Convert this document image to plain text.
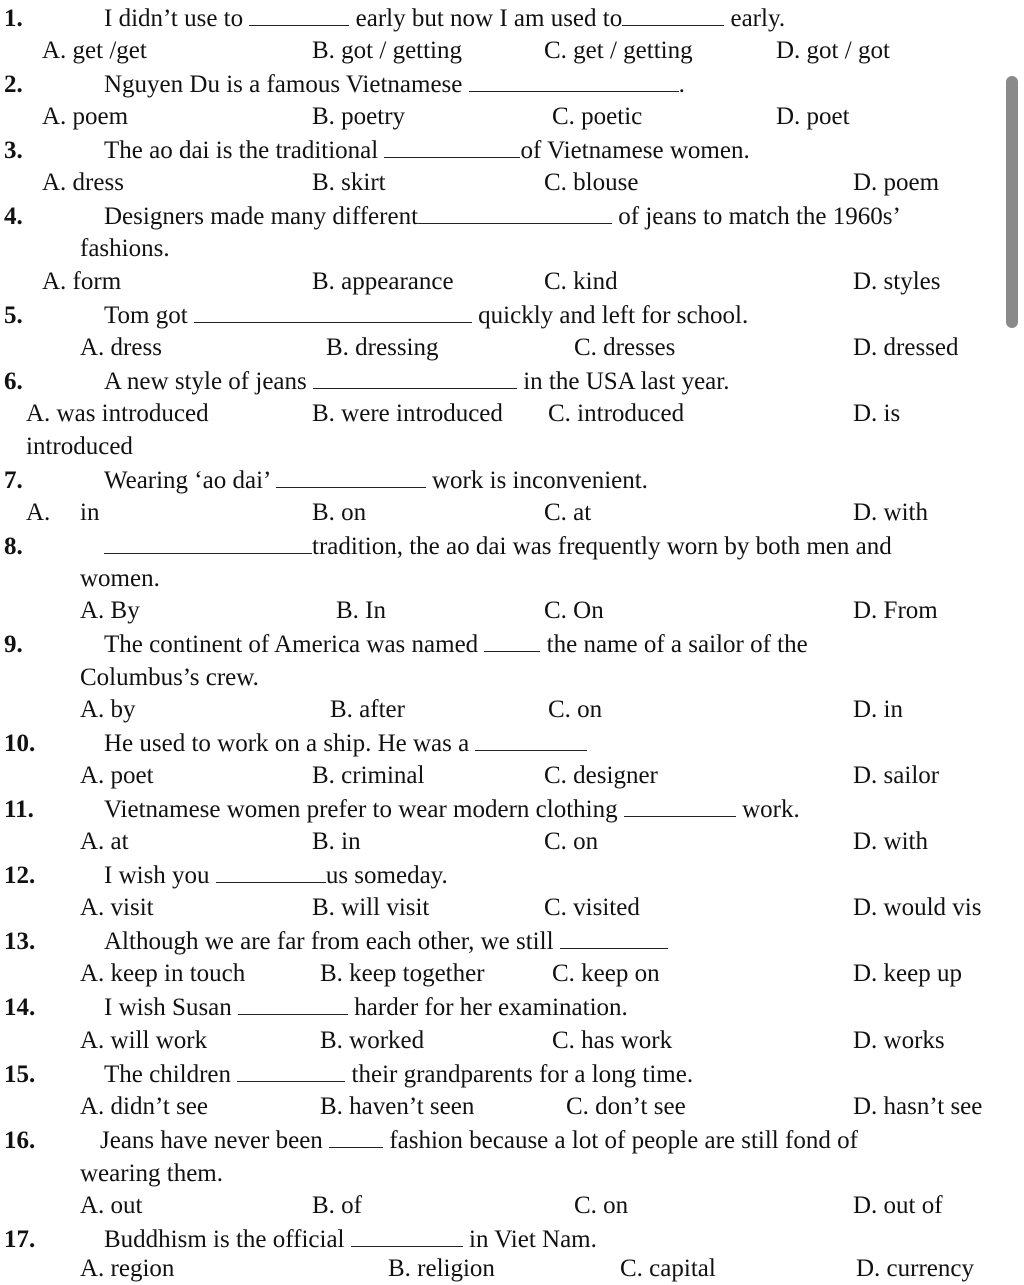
1.	I didn’t use to	early but now I am used to	early.
A. get /get	B. got / getting	C. get / getting	D. got / got
2.	Nguyen Du is a famous Vietnamese	.
A. poem	B. poetry	C. poetic	D. poet
3.	The ao dai is the traditional	of Vietnamese women.
A. dress	B. skirt	C. blouse	D. poem
4.	Designers made many different	of jeans to match the 1960s’
fashions.
A. form	B. appearance	C. kind	D. styles
5.	Tom got	quickly and left for school.
A. dress	B. dressing	C. dresses	D. dressed
6.	A new style of jeans	in the USA last year.
A. was introduced	B. were introduced C. introduced	D. is
introduced
7.	Wearing ‘ao dai’	work is inconvenient.
A. in	B. on	C. at	D. with
8.	tradition, the ao dai was frequently worn by both men and
women.
A. By	B. In	C. On	D. From
9.	The continent of America was named	the name of a sailor of the
Columbus’s crew.
A. by	B. after	C. on	D. in
10.	He used to work on a ship. He was a
A. poet	B. criminal	C. designer	D. sailor
11.	Vietnamese women prefer to wear modern clothing	work.
A. at	B. in	C. on	D. with
12.	I wish you	us someday.
A. visit	B. will visit	C. visited	D. would vis
13.	Although we are far from each other, we still
A. keep in touch	B. keep together	C. keep on	D. keep up
14.	I wish Susan	harder for her examination.
A. will work	B. worked	C. has work	D. works
15.	The children	their grandparents for a long time.
A. didn’t see	B. haven’t seen	C. don’t see	D. hasn’t see
16.	Jeans have never been	fashion because a lot of people are still fond of
wearing them.
A. out	B. of	C. on	D. out of
17.	Buddhism is the official	in Viet Nam.
A. region	B. religion	C. capital	D. currency
